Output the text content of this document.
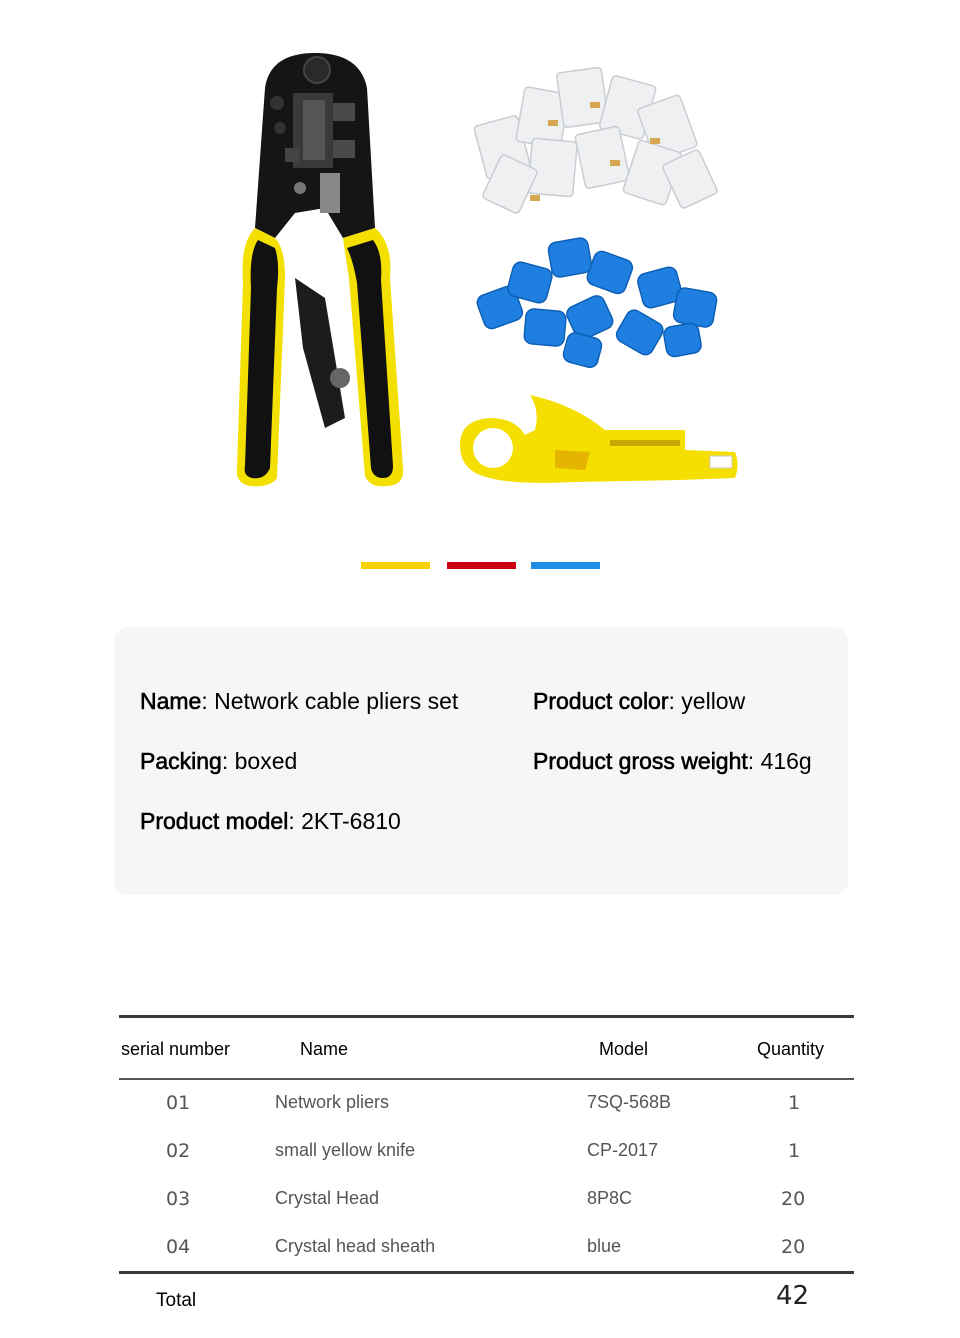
Name: Network cable pliers set	Product color: yellow
Packing: boxed	Product gross weight: 416g
Product model: 2KT-6810
serial number	Name	Model	Quantity
01	Network pliers	7SQ-568B	1
02	small yellow knife	CP-2017	1
03	Crystal Head	8P8C	20
04	Crystal head sheath	blue	20
Total	42
